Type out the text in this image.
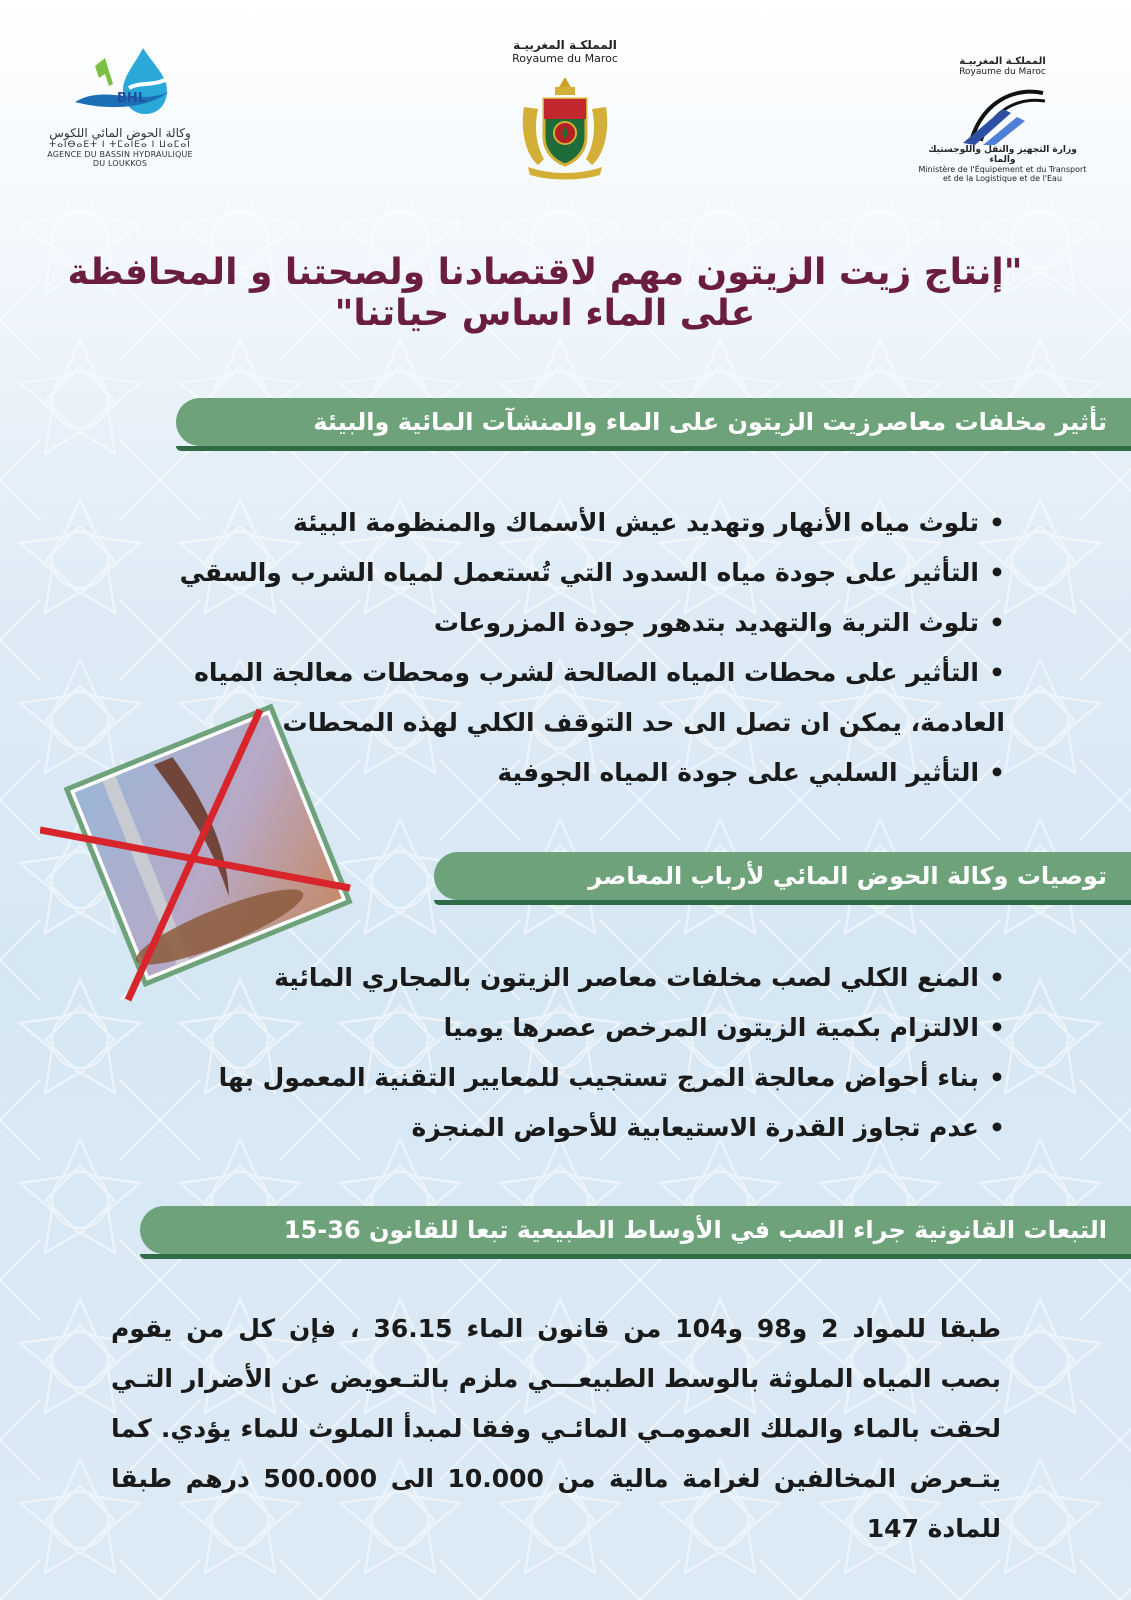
BHL
وكالة الحوض المائي اللكوس
ⵜⴰⵏⴱⴰⴹⵜ ⵏ ⵜⵎⴰⵏⴹⴰ ⵏ ⵡⴰⵎⴰⵏ
AGENCE DU BASSIN HYDRAULIQUE DU LOUKKOS
المملكـة المغربيـة
Royaume du Maroc	المملكـة المغربيـة
Royaume du Maroc
وزارة التجهيز والنقل واللوجستيك والماء
Ministère de l'Équipement et du Transport
et de la Logistique et de l'Eau
"إنتاج زيت الزيتون مهم لاقتصادنا ولصحتنا و المحافظة على الماء اساس حياتنا"
تأثير مخلفات معاصرزيت الزيتون على الماء والمنشآت المائية والبيئة
•تلوث مياه الأنهار وتهديد عيش الأسماك والمنظومة البيئة
•التأثير على جودة مياه السدود التي تُستعمل لمياه الشرب والسقي
•تلوث التربة والتهديد بتدهور جودة المزروعات
•التأثير على محطات المياه الصالحة لشرب ومحطات معالجة المياه
العادمة، يمكن ان تصل الى حد التوقف الكلي لهذه المحطات
•التأثير السلبي على جودة المياه الجوفية
توصيات وكالة الحوض المائي لأرباب المعاصر
•المنع الكلي لصب مخلفات معاصر الزيتون بالمجاري المائية
•الالتزام بكمية الزيتون المرخص عصرها يوميا
•بناء أحواض معالجة المرج تستجيب للمعايير التقنية المعمول بها
•عدم تجاوز القدرة الاستيعابية للأحواض المنجزة
التبعات القانونية جراء الصب في الأوساط الطبيعية تبعا للقانون 36-15
طبقا للمواد 2 و98 و104 من قانون الماء 36.15 ، فإن كل من يقوم بصب المياه الملوثة بالوسط الطبيعـــي ملزم بالتـعويض عن الأضرار التـي لحقت بالماء والملك العمومـي المائـي وفقا لمبدأ الملوث للماء يؤدي. كما يتـعرض المخالفين لغرامة مالية من 10.000 الى 500.000 درهم طبقا للمادة 147
